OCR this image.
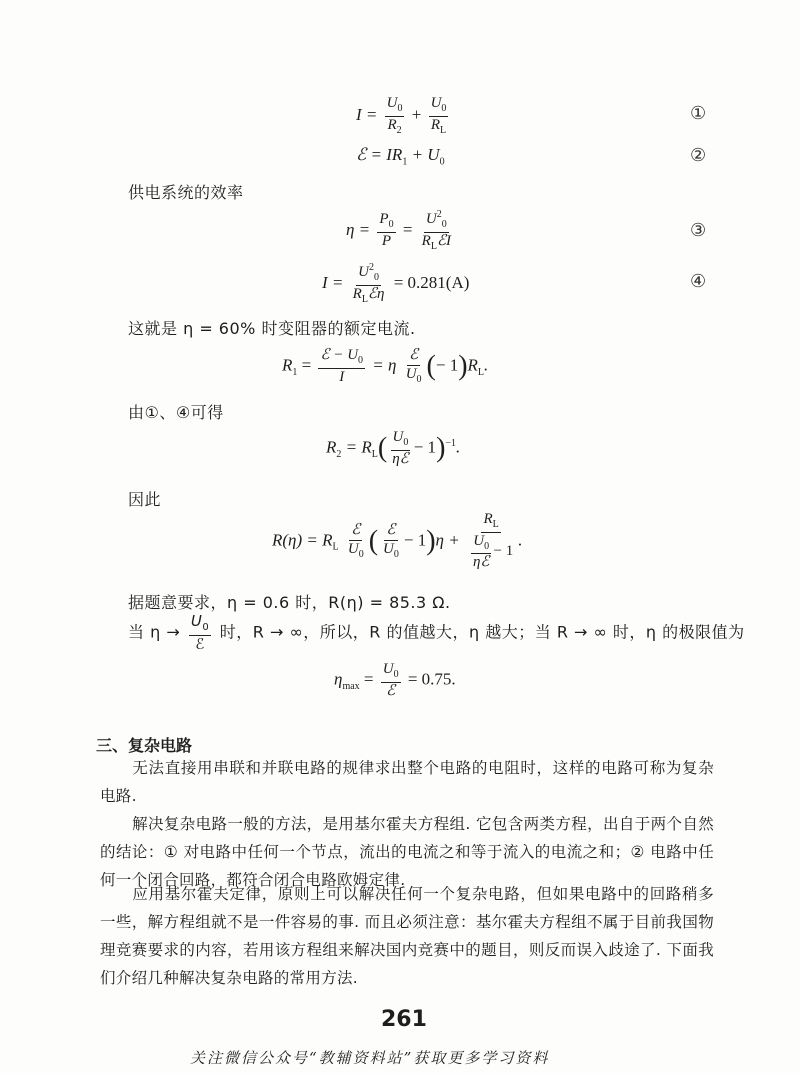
$I = \frac{U_0}{R_2} + \frac{U_0}{R_L}$	①
ℰ = $IR_1 + U_0$	②
供电系统的效率
$\eta = \frac{P_0}{P} = \frac{U^2_0}{R_LℰI}$	③
$I = \frac{U^2_0}{R_Lℰ\eta} = 0.281(A)$	④
这就是 η = 60% 时变阻器的额定电流.
$R_1 = \frac{ℰ - U_0}{I} = \eta \frac{\text{ℰ}}{U_0}$ (− $1)R_L$.
由①、④可得
$R_2 = R_L( \frac{U_0}{\text{ηℰ}} - 1)^{-1}$.
因此
$R(\eta) = R_L \frac{\text{ℰ}}{U_0}$ ( $\frac{\text{ℰ}}{U_0} - 1)\eta + \frac{R_L}{\frac{U_0}{\text{ηℰ}} - 1}$ .
据题意要求，η = 0.6 时，R(η) = 85.3 Ω.
当 $\eta \to \frac{U_0}{\text{ℰ}}$ 时，R → ∞，所以，R 的值越大，η 越大；当 R → ∞ 时，η 的极限值为
$\eta_{max} = \frac{U_0}{\text{ℰ}} = 0.75$.
三、复杂电路
无法直接用串联和并联电路的规律求出整个电路的电阻时，这样的电路可称为复杂电路.
解决复杂电路一般的方法，是用基尔霍夫方程组. 它包含两类方程，出自于两个自然的结论：① 对电路中任何一个节点，流出的电流之和等于流入的电流之和；② 电路中任何一个闭合回路，都符合闭合电路欧姆定律.
应用基尔霍夫定律，原则上可以解决任何一个复杂电路，但如果电路中的回路稍多一些，解方程组就不是一件容易的事. 而且必须注意：基尔霍夫方程组不属于目前我国物理竞赛要求的内容，若用该方程组来解决国内竞赛中的题目，则反而误入歧途了. 下面我们介绍几种解决复杂电路的常用方法.
261
关注微信公众号“教辅资料站”获取更多学习资料
